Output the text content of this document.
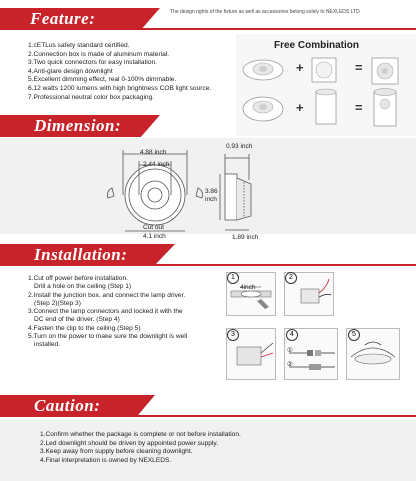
Feature:	The design rights of the fixture as well as accessories belong solely to NEXLEDS LTD
1.cETLus safety standard certified.
2.Connection box is made of aluminum material.
3.Two quick connectors for easy installation.
4.Anti-glare design downlight
5.Excellent dimming effect, real 0-100% dimmable.
6.12 watts 1200 lumens with high brightness COB light source.
7.Professional neutral color box packaging.
Free Combination
+	=
+	=
Dimension:
4.88 inch
2.44 inch
Cut out
4.1 inch
0.93 inch
3.86 inch
1.89 inch
Installation:
1.Cut off power before installation.
Drill a hole on the ceiling (Step 1)
2.Install the junction box. and connect the lamp driver.
(Step 2)(Step 3)
3.Connect the lamp connectors and locked it with the
DC end of the driver. (Step 4)
4.Fasten the clip to the ceiling.(Step 5)
5.Turn on the power to make sure the downlight is well
installed.
1
4inch
2
3	4
①
②
5
Caution:
1.Confirm whether the package is complete or not before installation.
2.Led downlight should be driven by appointed power supply.
3.Keep away from supply before cleaning downlight.
4.Final interpretation is owned by NEXLEDS.
